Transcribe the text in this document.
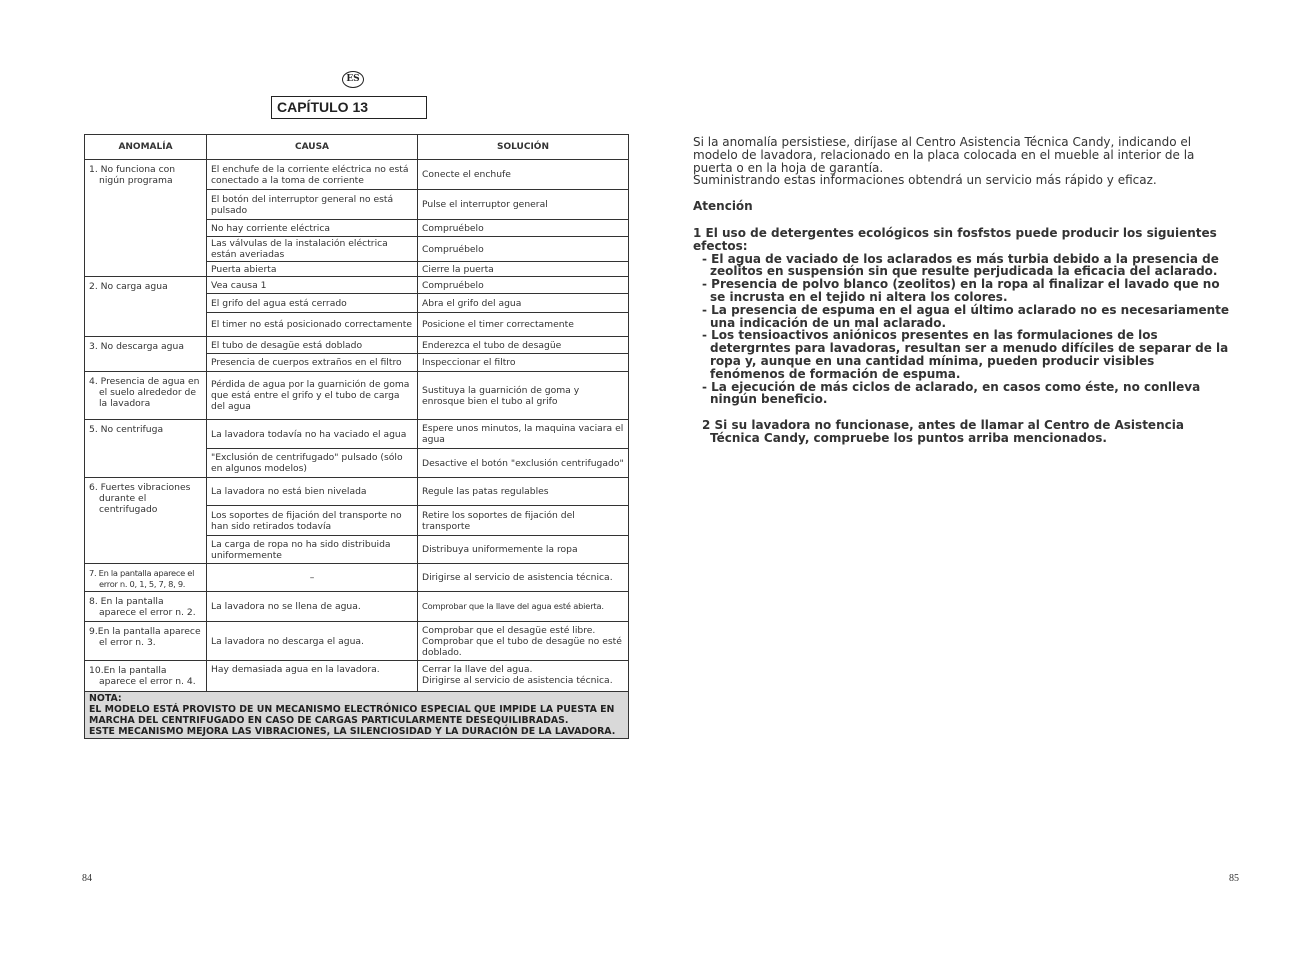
ES
CAPÍTULO 13
ANOMALÍA	CAUSA	SOLUCIÓN

1. No funciona con nigún programa	El enchufe de la corriente eléctrica no está conectado a la toma de corriente	Conecte el enchufe
	El botón del interruptor general no está pulsado	Pulse el interruptor general
	No hay corriente eléctrica	Compruébelo
	Las válvulas de la instalación eléctrica están averiadas	Compruébelo
	Puerta abierta	Cierre la puerta

2. No carga agua	Vea causa 1	Compruébelo
	El grifo del agua está cerrado	Abra el grifo del agua
	El timer no está posicionado correctamente	Posicione el timer correctamente

3. No descarga agua	El tubo de desagüe está doblado	Enderezca el tubo de desagüe
	Presencia de cuerpos extraños en el filtro	Inspeccionar el filtro

4. Presencia de agua en el suelo alrededor de la lavadora	Pérdida de agua por la guarnición de goma que está entre el grifo y el tubo de carga del agua	Sustituya la guarnición de goma y enrosque bien el tubo al grifo

5. No centrifuga	La lavadora todavía no ha vaciado el agua	Espere unos minutos, la maquina vaciara el agua
	"Exclusión de centrifugado" pulsado (sólo en algunos modelos)	Desactive el botón "exclusión centrifugado"

6. Fuertes vibraciones durante el centrifugado	La lavadora no está bien nivelada	Regule las patas regulables
	Los soportes de fijación del transporte no han sido retirados todavía	Retire los soportes de fijación del transporte
	La carga de ropa no ha sido distribuida uniformemente	Distribuya uniformemente la ropa

7. En la pantalla aparece el error n. 0, 1, 5, 7, 8, 9.	–	Dirigirse al servicio de asistencia técnica.

8. En la pantalla aparece el error n. 2.	La lavadora no se llena de agua.	Comprobar que la llave del agua esté abierta.

9.En la pantalla aparece el error n. 3.	La lavadora no descarga el agua.	Comprobar que el desagüe esté libre. Comprobar que el tubo de desagüe no esté doblado.

10.En la pantalla aparece el error n. 4.	Hay demasiada agua en la lavadora.	Cerrar la llave del agua.
Dirigirse al servicio de asistencia técnica.

NOTA:
EL MODELO ESTÁ PROVISTO DE UN MECANISMO ELECTRÓNICO ESPECIAL QUE IMPIDE LA PUESTA EN MARCHA DEL CENTRIFUGADO EN CASO DE CARGAS PARTICULARMENTE DESEQUILIBRADAS.
ESTE MECANISMO MEJORA LAS VIBRACIONES, LA SILENCIOSIDAD Y LA DURACIÓN DE LA LAVADORA.		

Si la anomalía persistiese, diríjase al Centro Asistencia Técnica Candy, indicando el modelo de lavadora, relacionado en la placa colocada en el mueble al interior de la puerta o en la hoja de garantía.

Suministrando estas informaciones obtendrá un servicio más rápido y eficaz.

Atención

1 El uso de detergentes ecológicos sin fosfstos puede producir los siguientes efectos:

- El agua de vaciado de los aclarados es más turbia debido a la presencia de zeolitos en suspensión sin que resulte perjudicada la eficacia del aclarado.

- Presencia de polvo blanco (zeolitos) en la ropa al finalizar el lavado que no se incrusta en el tejido ni altera los colores.

- La presencia de espuma en el agua el último aclarado no es necesariamente una indicación de un mal aclarado.

- Los tensioactivos aniónicos presentes en las formulaciones de los detergrntes para lavadoras, resultan ser a menudo difíciles de separar de la ropa y, aunque en una cantidad mínima, pueden producir visibles fenómenos de formación de espuma.

- La ejecución de más ciclos de aclarado, en casos como éste, no conlleva ningún beneficio.

2 Si su lavadora no funcionase, antes de llamar al Centro de Asistencia Técnica Candy, compruebe los puntos arriba mencionados.

84	85
